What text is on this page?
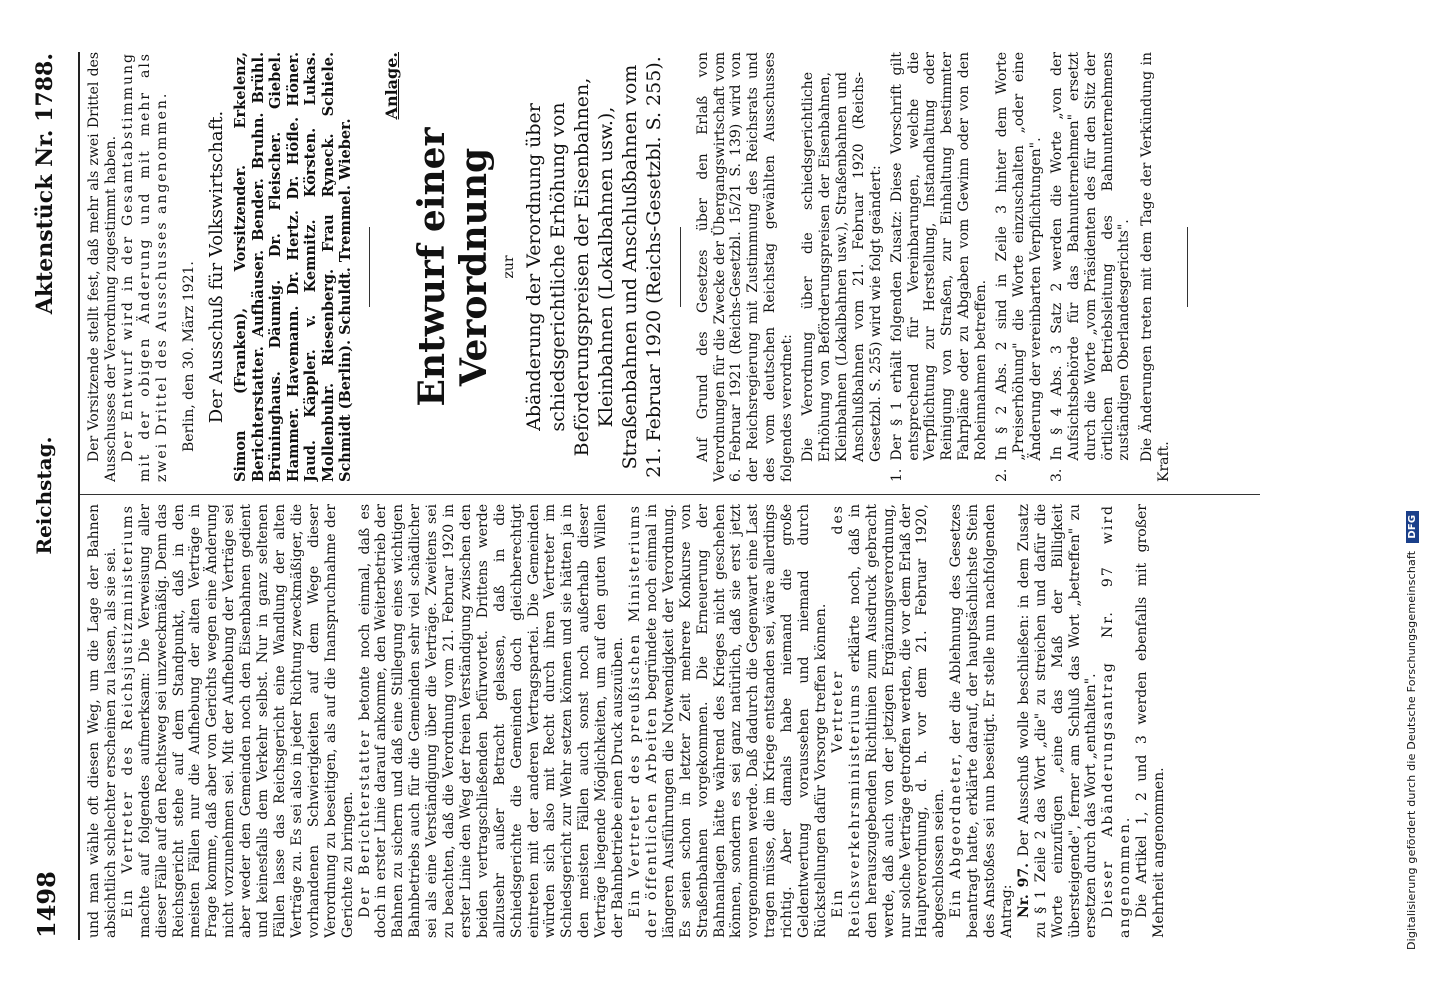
1498
Reichstag.
Aktenstück Nr. 1788.

und man wähle oft diesen Weg, um die Lage der Bahnen absichtlich schlechter erscheinen zu lassen, als sie sei. Ein Vertreter des Reichsjustizministeriums machte auf folgendes aufmerksam: Die Verweisung aller dieser Fälle auf den Rechtsweg sei unzweckmäßig. Denn das Reichsgericht stehe auf dem Standpunkt, daß in den meisten Fällen nur die Aufhebung der alten Verträge in Frage komme, daß aber von Gerichts wegen eine Änderung nicht vorzunehmen sei. Mit der Aufhebung der Verträge sei aber weder den Gemeinden noch den Eisenbahnen gedient und keinesfalls dem Verkehr selbst. Nur in ganz seltenen Fällen lasse das Reichsgericht eine Wandlung der alten Verträge zu. Es sei also in jeder Richtung zweckmäßiger, die vorhandenen Schwierigkeiten auf dem Wege dieser Verordnung zu beseitigen, als auf die Inanspruchnahme der Gerichte zu bringen. Der Berichterstatter betonte noch einmal, daß es doch in erster Linie darauf ankomme, den Weiterbetrieb der Bahnen zu sichern und daß eine Stillegung eines wichtigen Bahnbetriebs auch für die Gemeinden sehr viel schädlicher sei als eine Verständigung über die Verträge. Zweitens sei zu beachten, daß die Verordnung vom 21. Februar 1920 in erster Linie den Weg der freien Verständigung zwischen den beiden vertragschließenden befürwortet. Drittens werde allzusehr außer Betracht gelassen, daß in die Schiedsgerichte die Gemeinden doch gleichberechtigt eintreten mit der anderen Vertragspartei. Die Gemeinden würden sich also mit Recht durch ihren Vertreter im Schiedsgericht zur Wehr setzen können und sie hätten ja in den meisten Fällen auch sonst noch außerhalb dieser Verträge liegende Möglichkeiten, um auf den guten Willen der Bahnbetriebe einen Druck auszuüben. Ein Vertreter des preußischen Ministeriums der öffentlichen Arbeiten begründete noch einmal in längeren Ausführungen die Notwendigkeit der Verordnung. Es seien schon in letzter Zeit mehrere Konkurse von Straßenbahnen vorgekommen. Die Erneuerung der Bahnanlagen hätte während des Krieges nicht geschehen können, sondern es sei ganz natürlich, daß sie erst jetzt vorgenommen werde. Daß dadurch die Gegenwart eine Last tragen müsse, die im Kriege entstanden sei, wäre allerdings richtig. Aber damals habe niemand die große Geldentwertung voraussehen und niemand durch Rückstellungen dafür Vorsorge treffen können. Ein Vertreter des Reichsverkehrsministeriums erklärte noch, daß in den herauszugebenden Richtlinien zum Ausdruck gebracht werde, daß auch von der jetzigen Ergänzungsverordnung, nur solche Verträge getroffen werden, die vor dem Erlaß der Hauptverordnung, d. h. vor dem 21. Februar 1920, abgeschlossen seien. Ein Abgeordneter, der die Ablehnung des Gesetzes beantragt hatte, erklärte darauf, der hauptsächlichste Stein des Anstoßes sei nun beseitigt. Er stelle nun nachfolgenden Antrag: Nr. 97. Der Ausschuß wolle beschließen: in dem Zusatz zu § 1 Zeile 2 das Wort „die" zu streichen und dafür die Worte einzufügen „eine das Maß der Billigkeit übersteigende", ferner am Schluß das Wort „betreffen" zu ersetzen durch das Wort „enthalten". Dieser Abänderungsantrag Nr. 97 wird angenommen. Die Artikel 1, 2 und 3 werden ebenfalls mit großer Mehrheit angenommen.

Der Vorsitzende stellt fest, daß mehr als zwei Drittel des Ausschusses der Verordnung zugestimmt haben. Der Entwurf wird in der Gesamtabstimmung mit der obigen Änderung und mit mehr als zwei Drittel des Ausschusses angenommen. Berlin, den 30. März 1921. Der Ausschuß für Volkswirtschaft. Simon (Franken), Vorsitzender. Erkelenz, Berichterstatter. Aufhäuser. Bender. Bruhn. Brühl. Brüninghaus. Däumig. Dr. Fleischer. Giebel. Hammer. Havemann. Dr. Hertz. Dr. Höfle. Höner. Jaud. Käppler. v. Kemnitz. Körsten. Lukas. Mollenbuhr. Riesenberg. Frau Ryneck. Schiele. Schmidt (Berlin). Schuldt. Tremmel. Wieber.

Anlage.

Entwurf einer Verordnung zur Abänderung der Verordnung über schiedsgerichtliche Erhöhung von Beförderungspreisen der Eisenbahnen, Kleinbahnen (Lokalbahnen usw.), Straßenbahnen und Anschlußbahnen vom 21. Februar 1920 (Reichs-Gesetzbl. S. 255). Auf Grund des Gesetzes über den Erlaß von Verordnungen für die Zwecke der Übergangswirtschaft vom 6. Februar 1921 (Reichs-Gesetzbl. 15/21 S. 139) wird von der Reichsregierung mit Zustimmung des Reichsrats und des vom deutschen Reichstag gewählten Ausschusses folgendes verordnet: Die Verordnung über die schiedsgerichtliche Erhöhung von Beförderungspreisen der Eisenbahnen, Kleinbahnen (Lokalbahnen usw.), Straßenbahnen und Anschlußbahnen vom 21. Februar 1920 (Reichs-Gesetzbl. S. 255) wird wie folgt geändert:

1.
Der § 1 erhält folgenden Zusatz: Diese Vorschrift gilt entsprechend für Vereinbarungen, welche die Verpflichtung zur Herstellung, Instandhaltung oder Reinigung von Straßen, zur Einhaltung bestimmter Fahrpläne oder zu Abgaben vom Gewinn oder von den Roheinnahmen betreffen.
2.
In § 2 Abs. 2 sind in Zeile 3 hinter dem Worte „Preiserhöhung" die Worte einzuschalten „oder eine Änderung der vereinbarten Verpflichtungen".
3.
In § 4 Abs. 3 Satz 2 werden die Worte „von der Aufsichtsbehörde für das Bahnunternehmen" ersetzt durch die Worte „vom Präsidenten des für den Sitz der örtlichen Betriebsleitung des Bahnunternehmens zuständigen Oberlandesgerichts". Die Änderungen treten mit dem Tage der Verkündung in Kraft.

Digitalisierung gefördert durch die Deutsche ForschungsgemeinschaftDFG
